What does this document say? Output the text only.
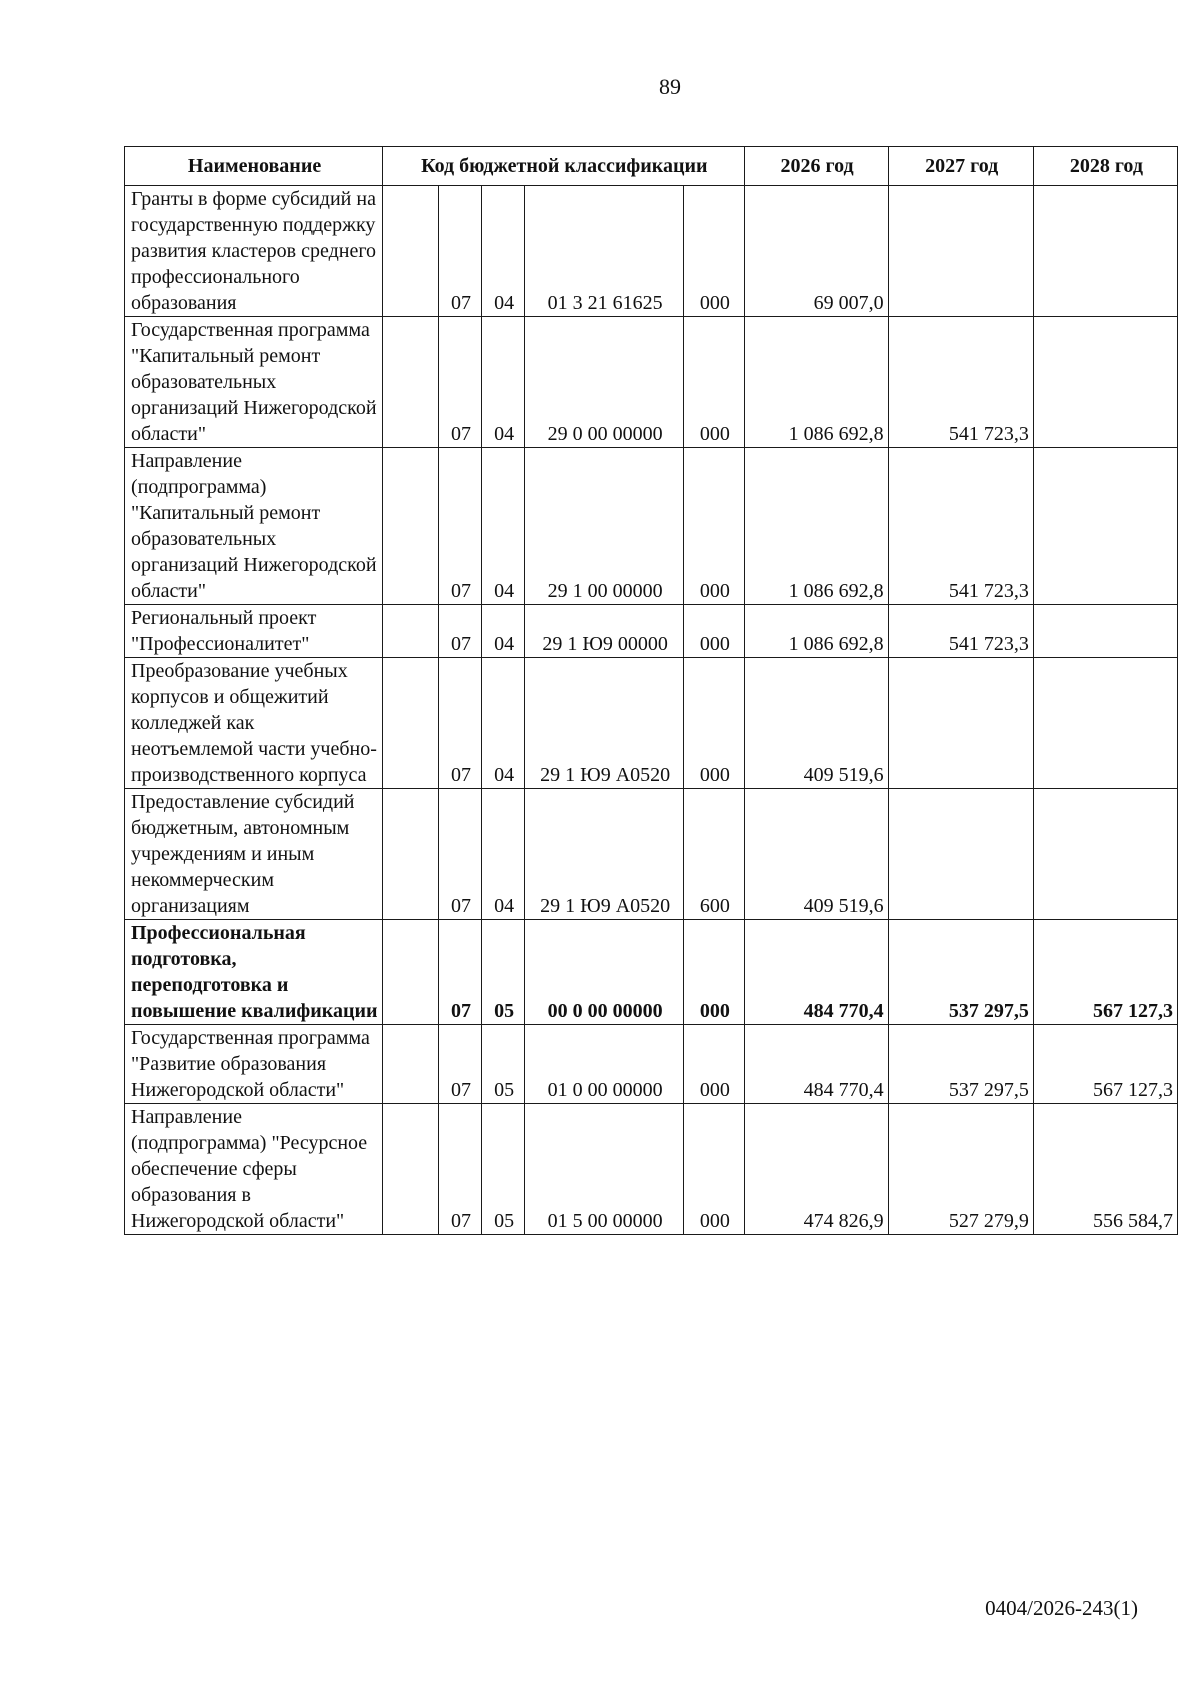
89
Наименование	Код бюджетной классификации					2026 год	2027 год	2028 год
Гранты в форме субсидий на государственную поддержку развития кластеров среднего профессионального образования		07	04	01 3 21 61625	000	69 007,0		
Государственная программа "Капитальный ремонт образовательных организаций Нижегородской области"		07	04	29 0 00 00000	000	1 086 692,8	541 723,3	
Направление (подпрограмма) "Капитальный ремонт образовательных организаций Нижегородской области"		07	04	29 1 00 00000	000	1 086 692,8	541 723,3	
Региональный проект "Профессионалитет"		07	04	29 1 Ю9 00000	000	1 086 692,8	541 723,3	
Преобразование учебных корпусов и общежитий колледжей как неотъемлемой части учебно-производственного корпуса		07	04	29 1 Ю9 А0520	000	409 519,6		
Предоставление субсидий бюджетным, автономным учреждениям и иным некоммерческим организациям		07	04	29 1 Ю9 А0520	600	409 519,6		
Профессиональная подготовка, переподготовка и повышение квалификации		07	05	00 0 00 00000	000	484 770,4	537 297,5	567 127,3
Государственная программа "Развитие образования Нижегородской области"		07	05	01 0 00 00000	000	484 770,4	537 297,5	567 127,3
Направление (подпрограмма) "Ресурсное обеспечение сферы образования в Нижегородской области"		07	05	01 5 00 00000	000	474 826,9	527 279,9	556 584,7
0404/2026-243(1)
